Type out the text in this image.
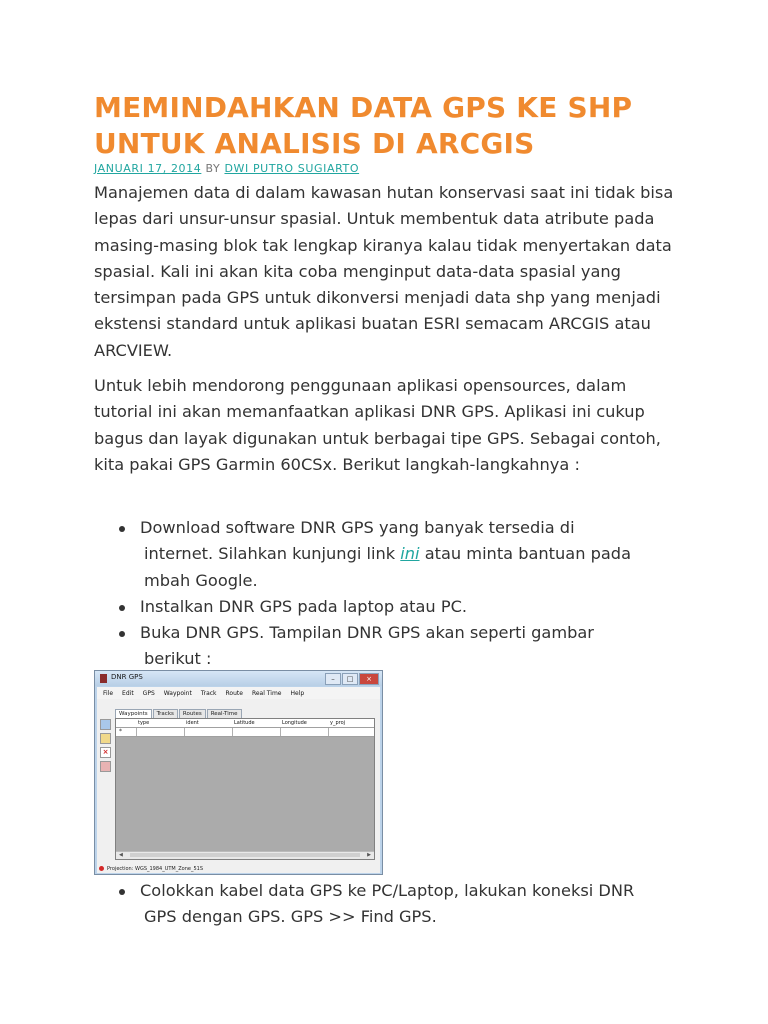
MEMINDAHKAN DATA GPS KE SHP UNTUK ANALISIS DI ARCGIS
JANUARI 17, 2014 BY DWI PUTRO SUGIARTO

Manajemen data di dalam kawasan hutan konservasi saat ini tidak bisa lepas dari unsur-unsur spasial. Untuk membentuk data atribute pada masing-masing blok tak lengkap kiranya kalau tidak menyertakan data spasial. Kali ini akan kita coba menginput data-data spasial yang tersimpan pada GPS untuk dikonversi menjadi data shp yang menjadi ekstensi standard untuk aplikasi buatan ESRI semacam ARCGIS atau ARCVIEW.

Untuk lebih mendorong penggunaan aplikasi opensources, dalam tutorial ini akan memanfaatkan aplikasi DNR GPS. Aplikasi ini cukup bagus dan layak digunakan untuk berbagai tipe GPS. Sebagai contoh, kita pakai GPS Garmin 60CSx. Berikut langkah-langkahnya :

Download software DNR GPS yang banyak tersedia di
internet. Silahkan kunjungi link ini atau minta bantuan pada
mbah Google.
Instalkan DNR GPS pada laptop atau PC.
Buka DNR GPS. Tampilan DNR GPS akan seperti gambar
berikut :
DNR GPS	–	□	×
File Edit GPS Waypoint Track Route Real Time Help
×
Waypoints	Tracks	Routes	Real-Time
type	ident	Latitude	Longitude	y_proj
*
◀	▶
Projection: WGS_1984_UTM_Zone_51S
Colokkan kabel data GPS ke PC/Laptop, lakukan koneksi DNR
GPS dengan GPS. GPS >> Find GPS.
